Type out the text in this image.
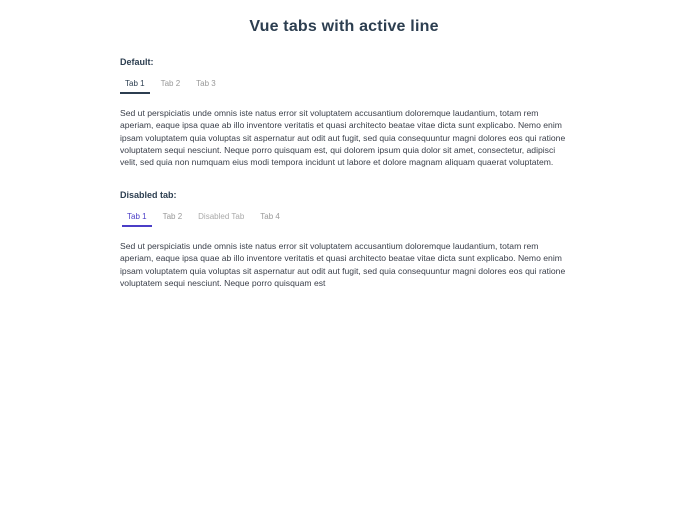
Vue tabs with active line
Default:
Tab 1	Tab 2	Tab 3
Sed ut perspiciatis unde omnis iste natus error sit voluptatem accusantium doloremque laudantium, totam rem aperiam, eaque ipsa quae ab illo inventore veritatis et quasi architecto beatae vitae dicta sunt explicabo. Nemo enim ipsam voluptatem quia voluptas sit aspernatur aut odit aut fugit, sed quia consequuntur magni dolores eos qui ratione voluptatem sequi nesciunt. Neque porro quisquam est, qui dolorem ipsum quia dolor sit amet, consectetur, adipisci velit, sed quia non numquam eius modi tempora incidunt ut labore et dolore magnam aliquam quaerat voluptatem.
Disabled tab:
Tab 1	Tab 2	Disabled Tab	Tab 4
Sed ut perspiciatis unde omnis iste natus error sit voluptatem accusantium doloremque laudantium, totam rem aperiam, eaque ipsa quae ab illo inventore veritatis et quasi architecto beatae vitae dicta sunt explicabo. Nemo enim ipsam voluptatem quia voluptas sit aspernatur aut odit aut fugit, sed quia consequuntur magni dolores eos qui ratione voluptatem sequi nesciunt. Neque porro quisquam est
